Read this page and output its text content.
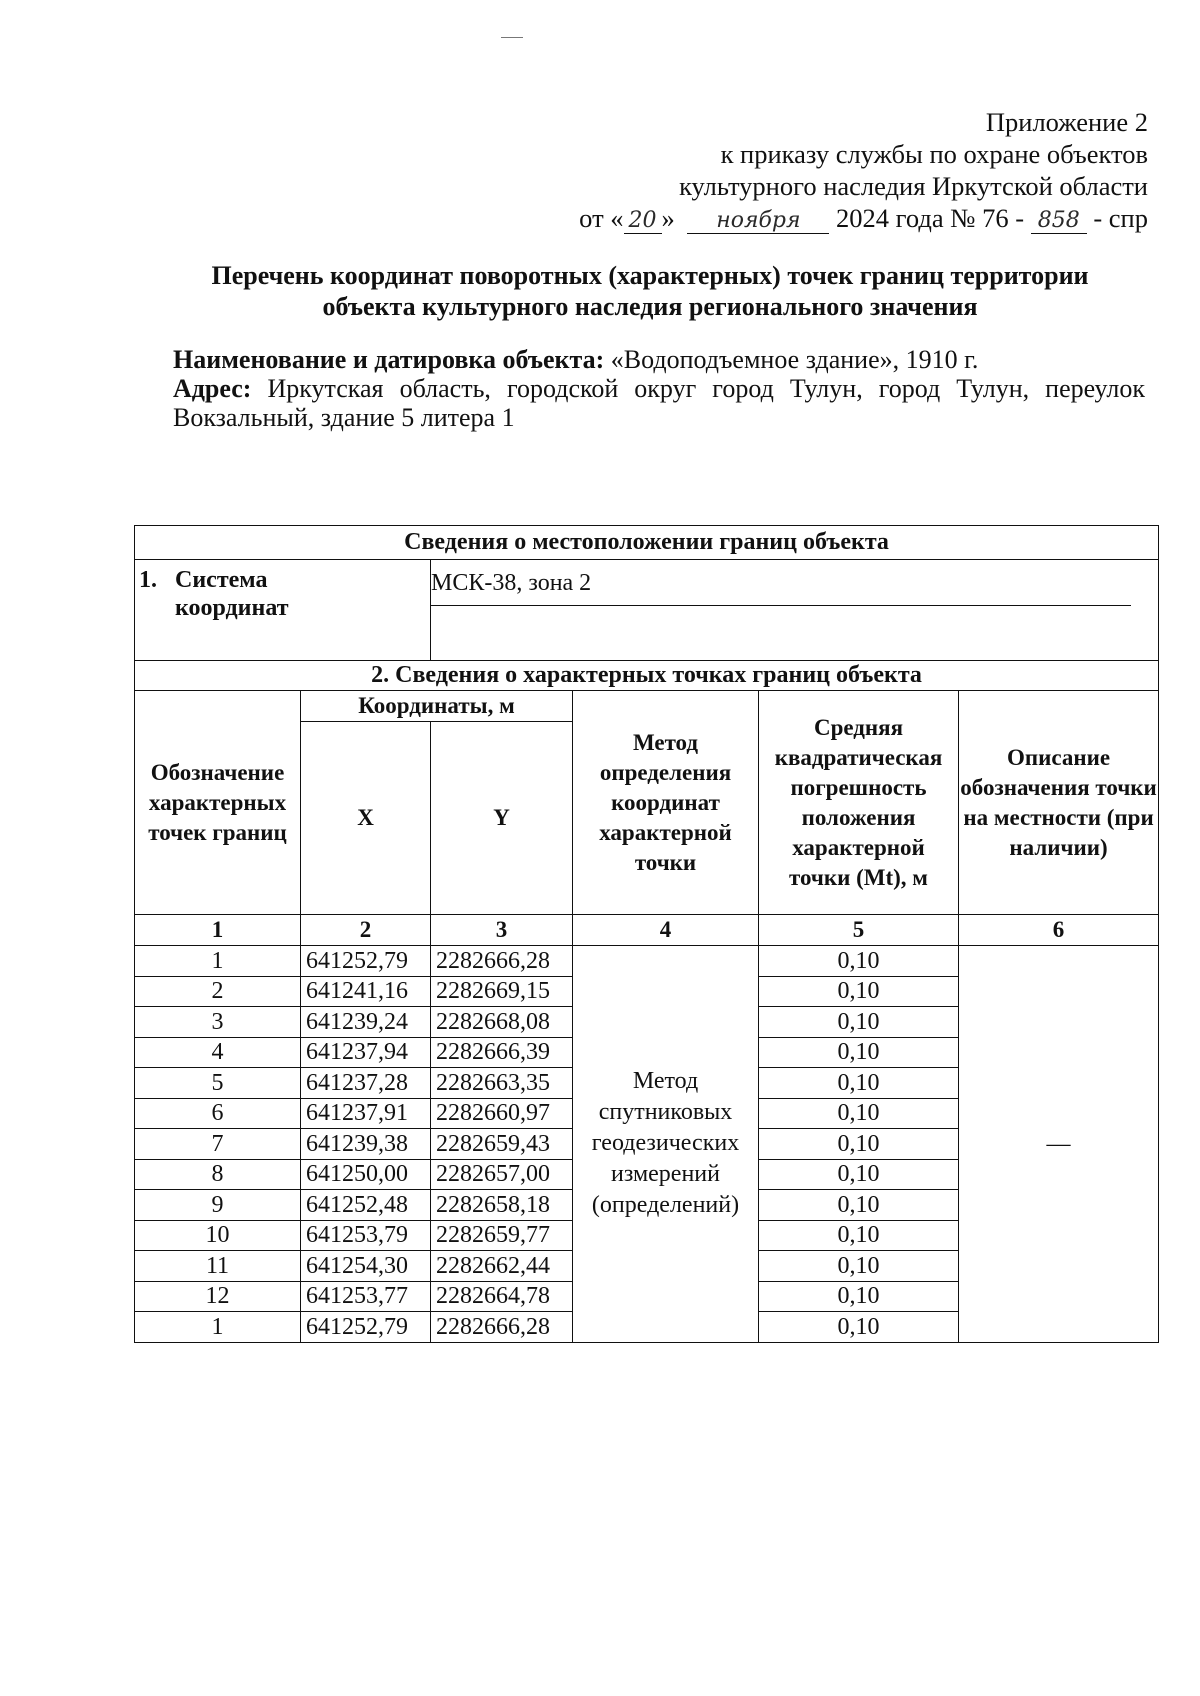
Приложение 2
к приказу службы по охране объектов
культурного наследия Иркутской области
от « 20 » ноября 2024 года № 76 - 858 - спр
Перечень координат поворотных (характерных) точек границ территории
объекта культурного наследия регионального значения

Наименование и датировка объекта: «Водоподъемное здание», 1910 г.

Адрес: Иркутская область, городской округ город Тулун, город Тулун, переулок Вокзальный, здание 5 литера 1

Сведения о местоположении границ объекта					
1. Система координат		МСК-38, зона 2			

2. Сведения о характерных точках границ объекта					
Обозначение характерных точек границ	Координаты, м		Метод определения координат характерной точки	Средняя квадратическая погрешность положения характерной точки (Mt), м	Описание обозначения точки на местности (при наличии)
	X	Y			
1	2	3	4	5	6
1	641252,79	2282666,28	Метод спутниковых геодезических измерений (определений)	0,10	—
2	641241,16	2282669,15		0,10	
3	641239,24	2282668,08		0,10	
4	641237,94	2282666,39		0,10	
5	641237,28	2282663,35		0,10	
6	641237,91	2282660,97		0,10	
7	641239,38	2282659,43		0,10	
8	641250,00	2282657,00		0,10	
9	641252,48	2282658,18		0,10	
10	641253,79	2282659,77		0,10	
11	641254,30	2282662,44		0,10	
12	641253,77	2282664,78		0,10	
1	641252,79	2282666,28		0,10	
